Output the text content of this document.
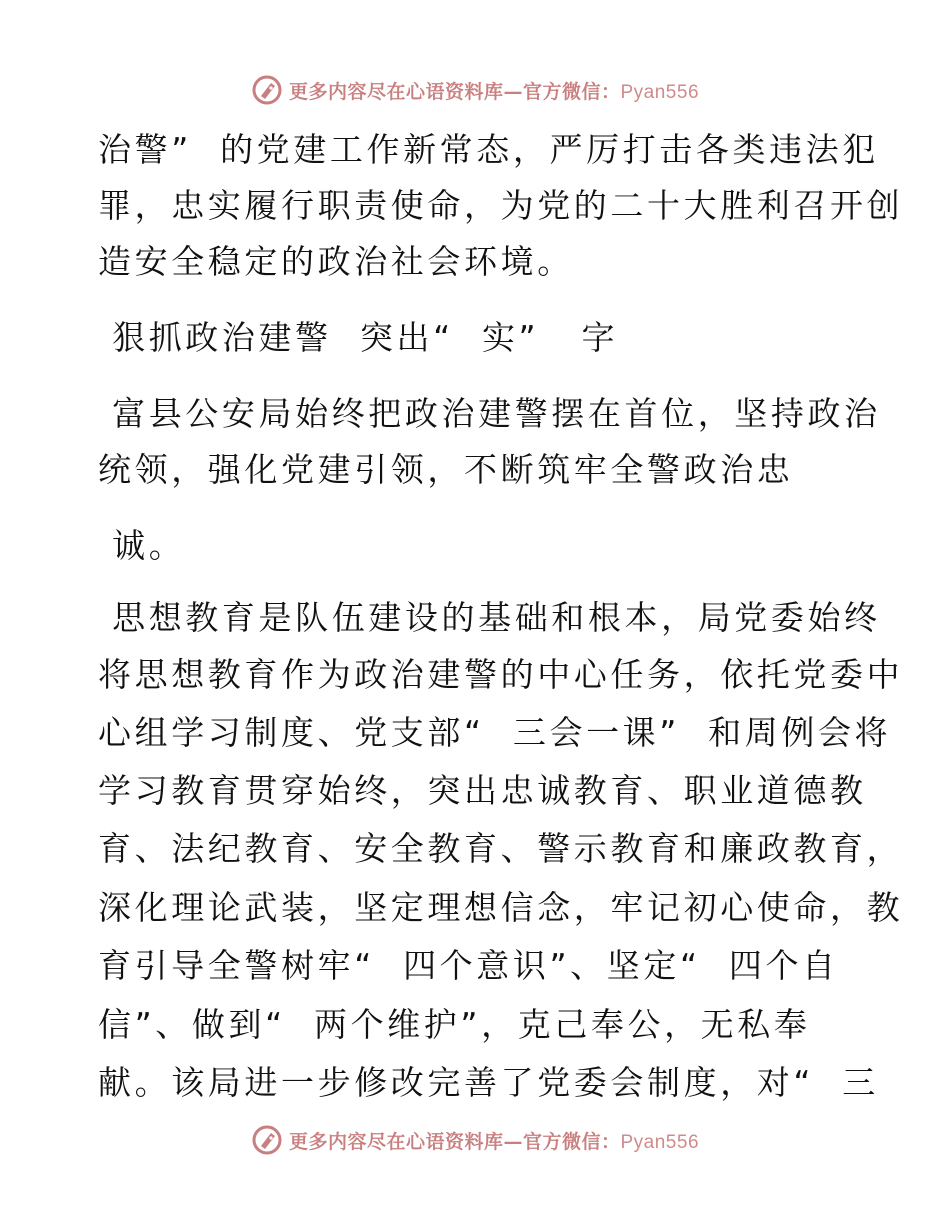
更多内容尽在心语资料库—官方微信：Pyan556
治警”  的党建工作新常态，严厉打击各类违法犯
罪，忠实履行职责使命，为党的二十大胜利召开创
造安全稳定的政治社会环境。
狠抓政治建警  突出“  实”   字
富县公安局始终把政治建警摆在首位，坚持政治
统领，强化党建引领，不断筑牢全警政治忠
诚。
思想教育是队伍建设的基础和根本，局党委始终
将思想教育作为政治建警的中心任务，依托党委中
心组学习制度、党支部“  三会一课”  和周例会将
学习教育贯穿始终，突出忠诚教育、职业道德教
育、法纪教育、安全教育、警示教育和廉政教育，
深化理论武装，坚定理想信念，牢记初心使命，教
育引导全警树牢“  四个意识”、坚定“  四个自
信”、做到“  两个维护”，克己奉公，无私奉
献。该局进一步修改完善了党委会制度，对“  三
更多内容尽在心语资料库—官方微信：Pyan556
